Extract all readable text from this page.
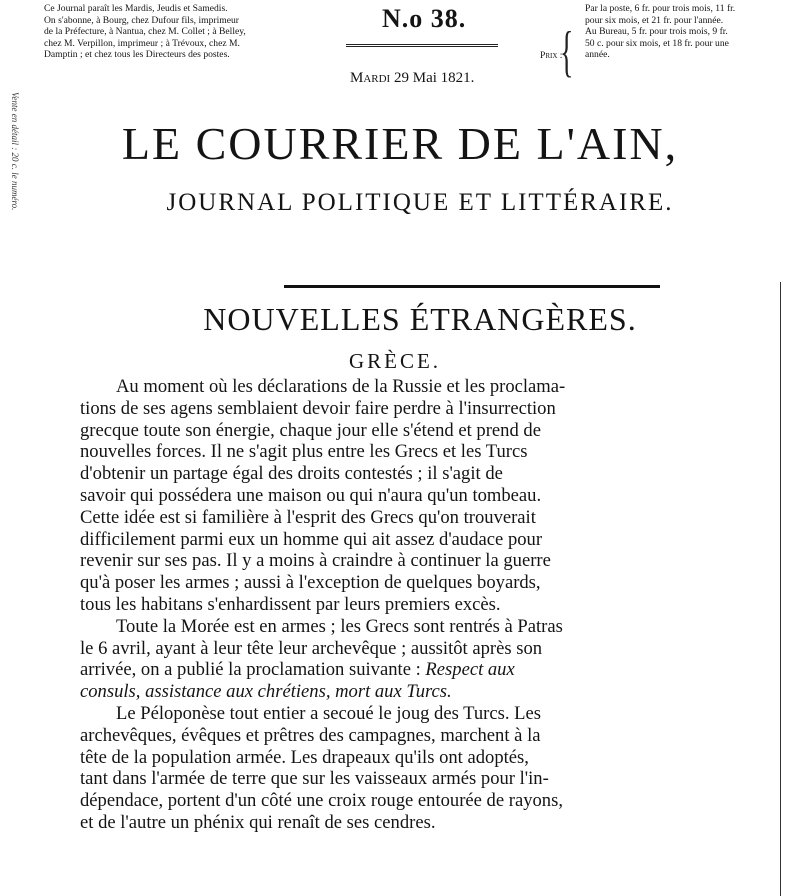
Vente en détail : 20 c. le numéro.
Ce Journal paraît les Mardis, Jeudis et Samedis.
On s'abonne, à Bourg, chez Dufour fils, imprimeur
de la Préfecture, à Nantua, chez M. Collet ; à Belley,
chez M. Verpillon, imprimeur ; à Trévoux, chez M.
Damptin ; et chez tous les Directeurs des postes.
N.o 38.
Mardi 29 Mai 1821.
Prix :
{
Par la poste, 6 fr. pour trois mois, 11 fr.
pour six mois, et 21 fr. pour l'année.
Au Bureau, 5 fr. pour trois mois, 9 fr.
50 c. pour six mois, et 18 fr. pour une
année.
LE COURRIER DE L'AIN,
JOURNAL POLITIQUE ET LITTÉRAIRE.
NOUVELLES ÉTRANGÈRES.
GRÈCE.
Au moment où les déclarations de la Russie et les proclama-
tions de ses agens semblaient devoir faire perdre à l'insurrection
grecque toute son énergie, chaque jour elle s'étend et prend de
nouvelles forces. Il ne s'agit plus entre les Grecs et les Turcs
d'obtenir un partage égal des droits contestés ; il s'agit de
savoir qui possédera une maison ou qui n'aura qu'un tombeau.
Cette idée est si familière à l'esprit des Grecs qu'on trouverait
difficilement parmi eux un homme qui ait assez d'audace pour
revenir sur ses pas. Il y a moins à craindre à continuer la guerre
qu'à poser les armes ; aussi à l'exception de quelques boyards,
tous les habitans s'enhardissent par leurs premiers excès.
Toute la Morée est en armes ; les Grecs sont rentrés à Patras
le 6 avril, ayant à leur tête leur archevêque ; aussitôt après son
arrivée, on a publié la proclamation suivante : Respect aux
consuls, assistance aux chrétiens, mort aux Turcs.
Le Péloponèse tout entier a secoué le joug des Turcs. Les
archevêques, évêques et prêtres des campagnes, marchent à la
tête de la population armée. Les drapeaux qu'ils ont adoptés,
tant dans l'armée de terre que sur les vaisseaux armés pour l'in-
dépendace, portent d'un côté une croix rouge entourée de rayons,
et de l'autre un phénix qui renaît de ses cendres.
